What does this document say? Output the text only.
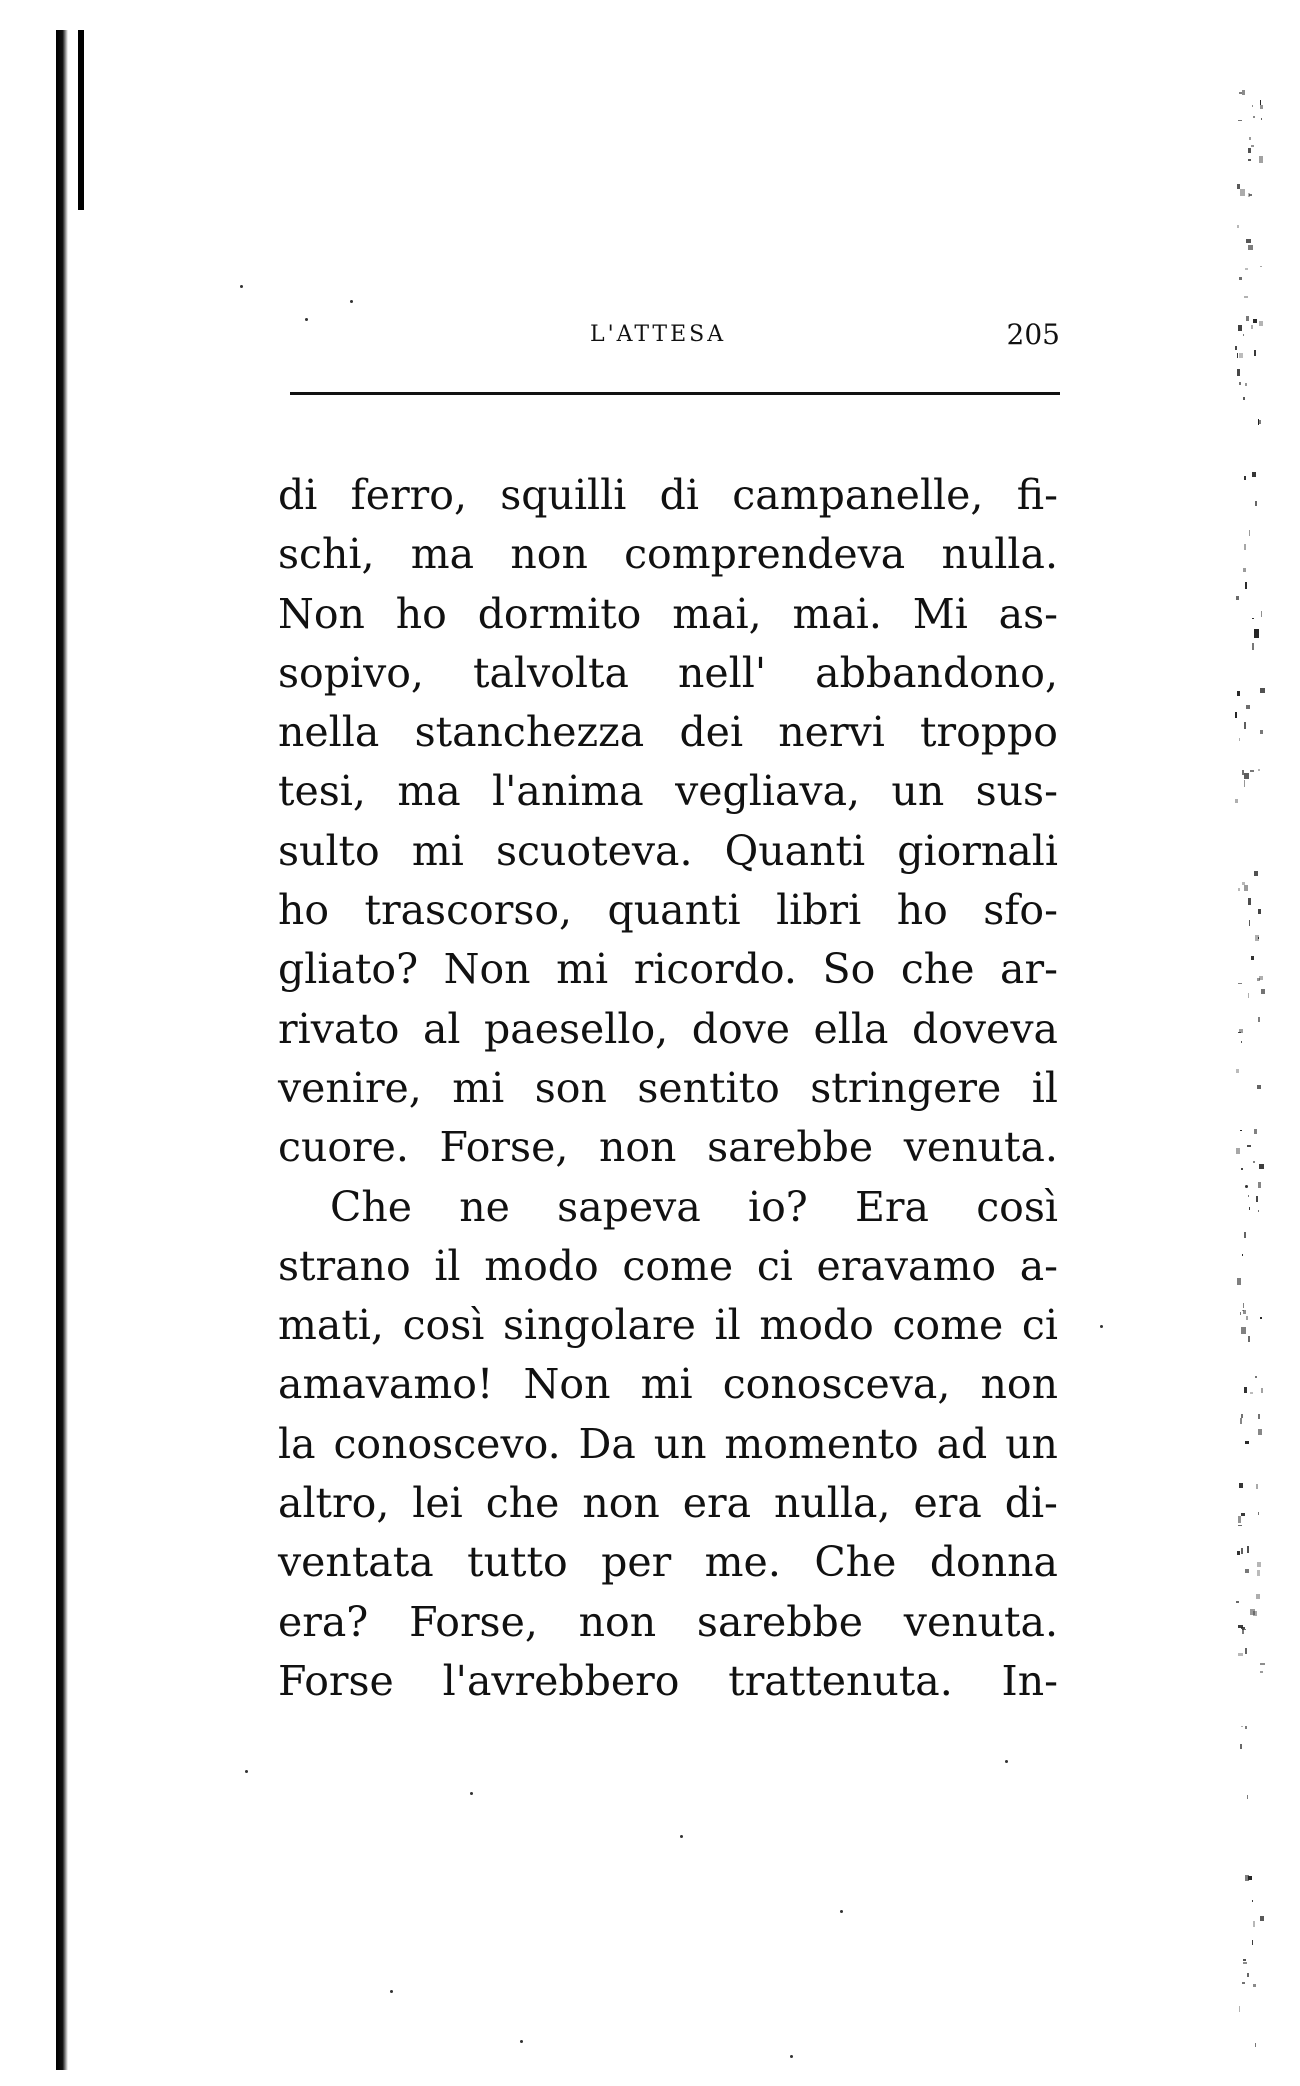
L'ATTESA	205
di ferro, squilli di campanelle, fi-
schi, ma non comprendeva nulla.
Non ho dormito mai, mai. Mi as-
sopivo, talvolta nell' abbandono,
nella stanchezza dei nervi troppo
tesi, ma l'anima vegliava, un sus-
sulto mi scuoteva. Quanti giornali
ho trascorso, quanti libri ho sfo-
gliato? Non mi ricordo. So che ar-
rivato al paesello, dove ella doveva
venire, mi son sentito stringere il
cuore. Forse, non sarebbe venuta.
Che ne sapeva io? Era così
strano il modo come ci eravamo a-
mati, così singolare il modo come ci
amavamo! Non mi conosceva, non
la conoscevo. Da un momento ad un
altro, lei che non era nulla, era di-
ventata tutto per me. Che donna
era? Forse, non sarebbe venuta.
Forse l'avrebbero trattenuta. In-
